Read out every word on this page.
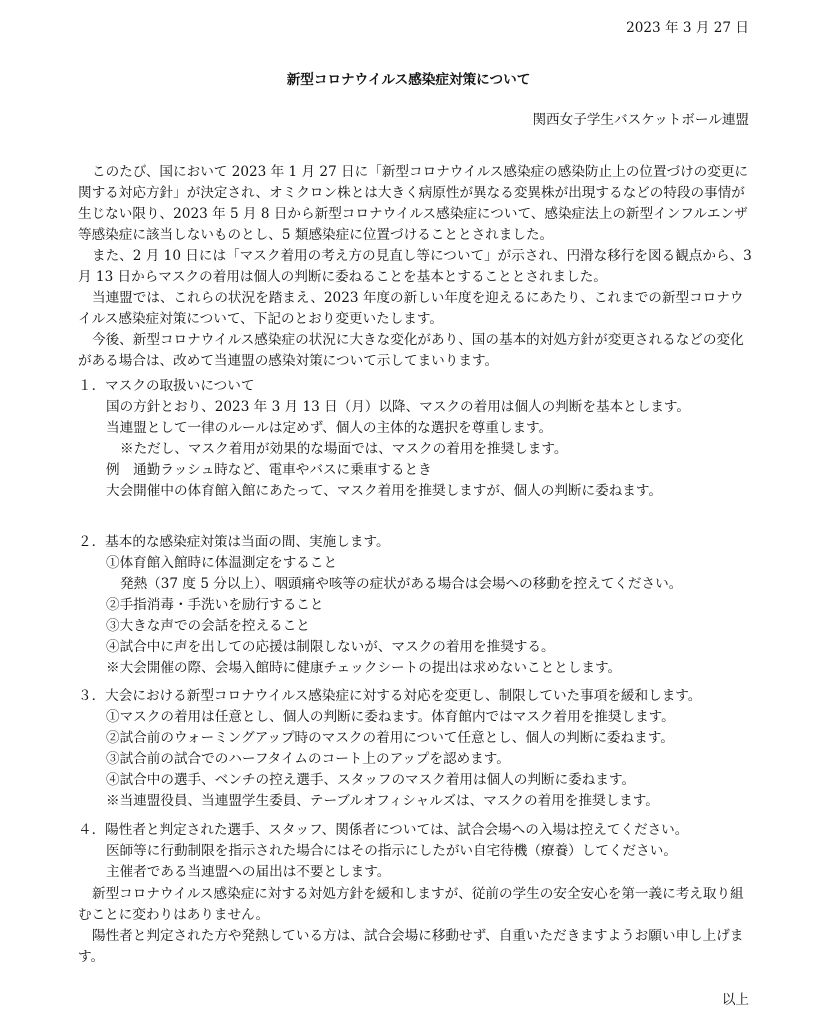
2023 年 3 月 27 日
新型コロナウイルス感染症対策について
関西女子学生バスケットボール連盟

このたび、国において 2023 年 1 月 27 日に「新型コロナウイルス感染症の感染防止上の位置づけの変更に関する対応方針」が決定され、オミクロン株とは大きく病原性が異なる変異株が出現するなどの特段の事情が生じない限り、2023 年 5 月 8 日から新型コロナウイルス感染症について、感染症法上の新型インフルエンザ等感染症に該当しないものとし、5 類感染症に位置づけることとされました。

また、2 月 10 日には「マスク着用の考え方の見直し等について」が示され、円滑な移行を図る観点から、3 月 13 日からマスクの着用は個人の判断に委ねることを基本とすることとされました。

当連盟では、これらの状況を踏まえ、2023 年度の新しい年度を迎えるにあたり、これまでの新型コロナウイルス感染症対策について、下記のとおり変更いたします。

今後、新型コロナウイルス感染症の状況に大きな変化があり、国の基本的対処方針が変更されるなどの変化がある場合は、改めて当連盟の感染対策について示してまいります。

１．マスクの取扱いについて
国の方針とおり、2023 年 3 月 13 日（月）以降、マスクの着用は個人の判断を基本とします。
当連盟として一律のルールは定めず、個人の主体的な選択を尊重します。
※ただし、マスク着用が効果的な場面では、マスクの着用を推奨します。
例　通勤ラッシュ時など、電車やバスに乗車するとき
大会開催中の体育館入館にあたって、マスク着用を推奨しますが、個人の判断に委ねます。
２．基本的な感染症対策は当面の間、実施します。
①体育館入館時に体温測定をすること
発熱（37 度 5 分以上）、咽頭痛や咳等の症状がある場合は会場への移動を控えてください。
②手指消毒・手洗いを励行すること
③大きな声での会話を控えること
④試合中に声を出しての応援は制限しないが、マスクの着用を推奨する。
※大会開催の際、会場入館時に健康チェックシートの提出は求めないこととします。
３．大会における新型コロナウイルス感染症に対する対応を変更し、制限していた事項を緩和します。
①マスクの着用は任意とし、個人の判断に委ねます。体育館内ではマスク着用を推奨します。
②試合前のウォーミングアップ時のマスクの着用について任意とし、個人の判断に委ねます。
③試合前の試合でのハーフタイムのコート上のアップを認めます。
④試合中の選手、ベンチの控え選手、スタッフのマスク着用は個人の判断に委ねます。
※当連盟役員、当連盟学生委員、テーブルオフィシャルズは、マスクの着用を推奨します。
４．陽性者と判定された選手、スタッフ、関係者については、試合会場への入場は控えてください。
医師等に行動制限を指示された場合にはその指示にしたがい自宅待機（療養）してください。
主催者である当連盟への届出は不要とします。

新型コロナウイルス感染症に対する対処方針を緩和しますが、従前の学生の安全安心を第一義に考え取り組むことに変わりはありません。

陽性者と判定された方や発熱している方は、試合会場に移動せず、自重いただきますようお願い申し上げます。

以上
